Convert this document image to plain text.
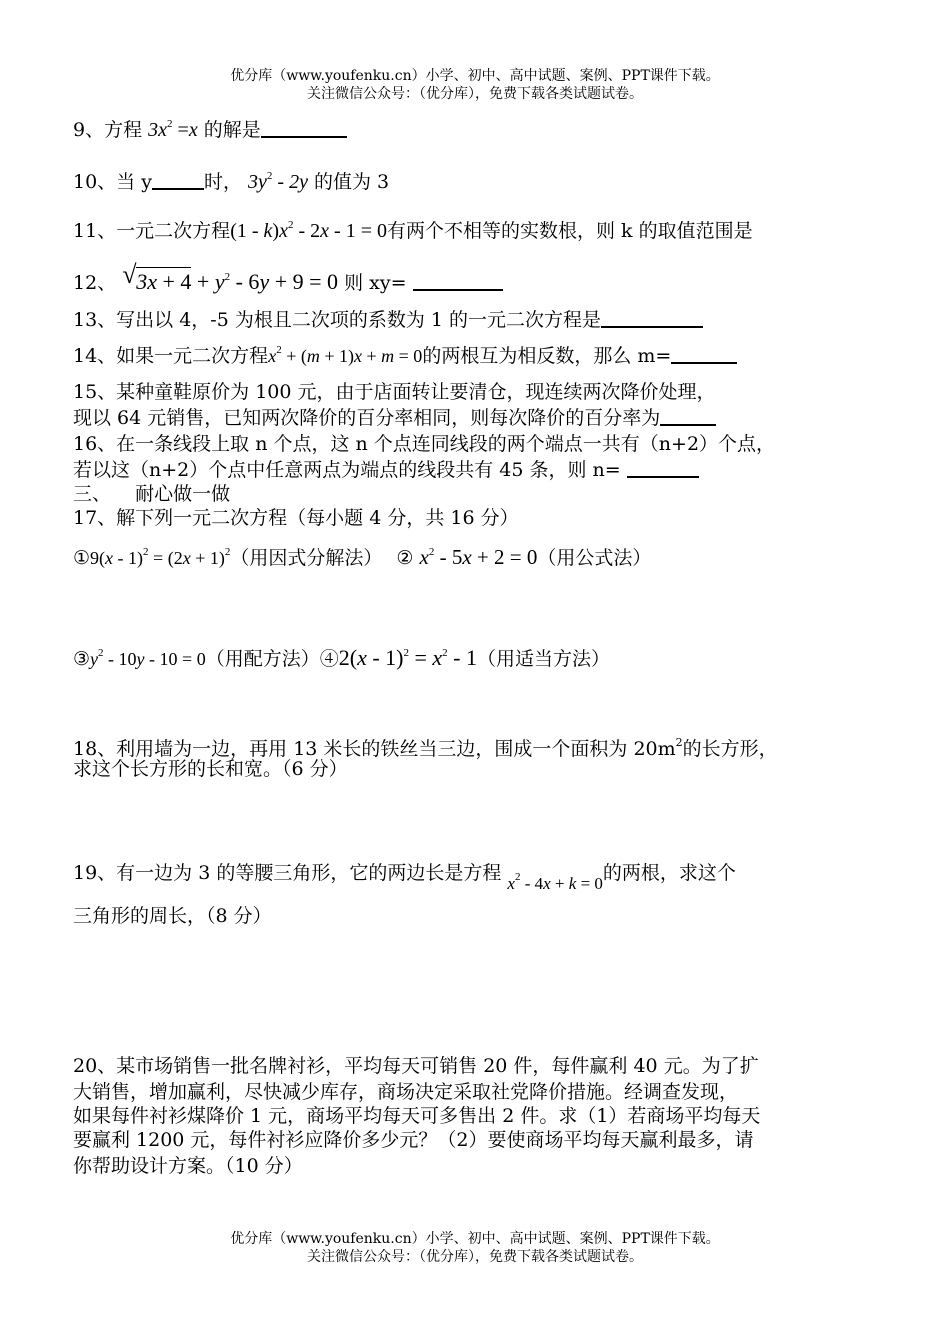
优分库（www.youfenku.cn）小学、初中、高中试题、案例、PPT课件下载。
关注微信公众号：（优分库），免费下载各类试题试卷。
9、方程 $3x^2 =x$ 的解是
10、当 y	时， $3y^2 - 2y$ 的值为 3
11、一元二次方程$(1 - k)x^2 - 2x - 1 = 0$有两个不相等的实数根，则 k 的取值范围是
12、 √ $3x + 4 + y^2 - 6y + 9 = 0$ 则 xy=
13、写出以 4，-5 为根且二次项的系数为 1 的一元二次方程是
14、如果一元二次方程$x^2 + (m + 1)x + m = 0$的两根互为相反数，那么 m=
15、某种童鞋原价为 100 元，由于店面转让要清仓，现连续两次降价处理，
现以 64 元销售，已知两次降价的百分率相同，则每次降价的百分率为
16、在一条线段上取 n 个点，这 n 个点连同线段的两个端点一共有（n+2）个点，
若以这（n+2）个点中任意两点为端点的线段共有 45 条，则 n=
三、    耐心做一做
17、解下列一元二次方程（每小题 4 分，共 16 分）
①9(x - $1)^2 = (2x + 1)^2$（用因式分解法） ② $x^2 - 5x + 2 = 0$（用公式法）
$③y^2 - 10y - 10 = 0$（用配方法）④2(x - $1)^2 = x^2 - 1$（用适当方法）
18、利用墙为一边，再用 13 米长的铁丝当三边，围成一个面积为 $20m^2$的长方形，
求这个长方形的长和宽。（6 分）
19、有一边为 3 的等腰三角形，它的两边长是方程 $x^2 - 4x + k = 0$的两根，求这个
三角形的周长，（8 分）
20、某市场销售一批名牌衬衫，平均每天可销售 20 件，每件赢利 40 元。为了扩
大销售，增加赢利，尽快减少库存，商场决定采取社党降价措施。经调查发现，
如果每件衬衫煤降价 1 元，商场平均每天可多售出 2 件。求（1）若商场平均每天
要赢利 1200 元，每件衬衫应降价多少元？（2）要使商场平均每天赢利最多，请
你帮助设计方案。（10 分）
优分库（www.youfenku.cn）小学、初中、高中试题、案例、PPT课件下载。
关注微信公众号：（优分库），免费下载各类试题试卷。
